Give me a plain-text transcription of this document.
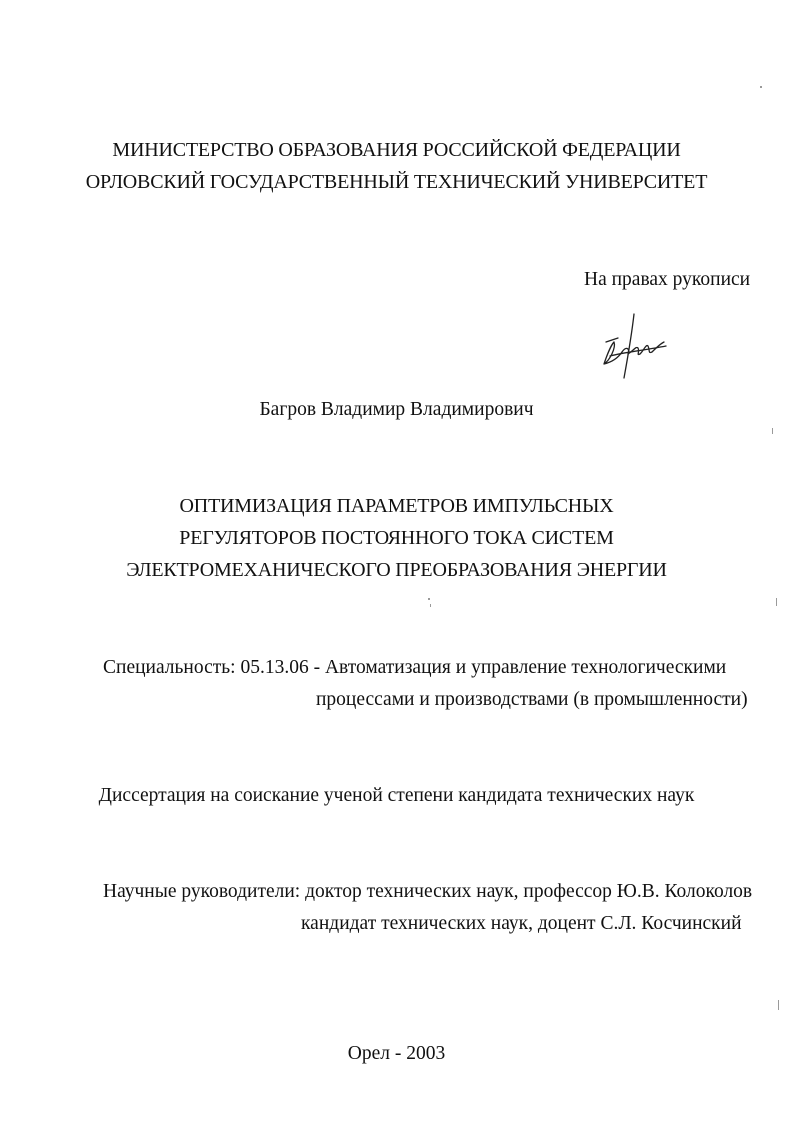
МИНИСТЕРСТВО ОБРАЗОВАНИЯ РОССИЙСКОЙ ФЕДЕРАЦИИ
ОРЛОВСКИЙ ГОСУДАРСТВЕННЫЙ ТЕХНИЧЕСКИЙ УНИВЕРСИТЕТ
На правах рукописи
Багров Владимир Владимирович
ОПТИМИЗАЦИЯ ПАРАМЕТРОВ ИМПУЛЬСНЫХ
РЕГУЛЯТОРОВ ПОСТОЯННОГО ТОКА СИСТЕМ
ЭЛЕКТРОМЕХАНИЧЕСКОГО ПРЕОБРАЗОВАНИЯ ЭНЕРГИИ
Специальность: 05.13.06 - Автоматизация и управление технологическими
процессами и производствами (в промышленности)
Диссертация на соискание ученой степени кандидата технических наук
Научные руководители: доктор технических наук, профессор Ю.В. Колоколов
кандидат технических наук, доцент С.Л. Косчинский
Орел - 2003
